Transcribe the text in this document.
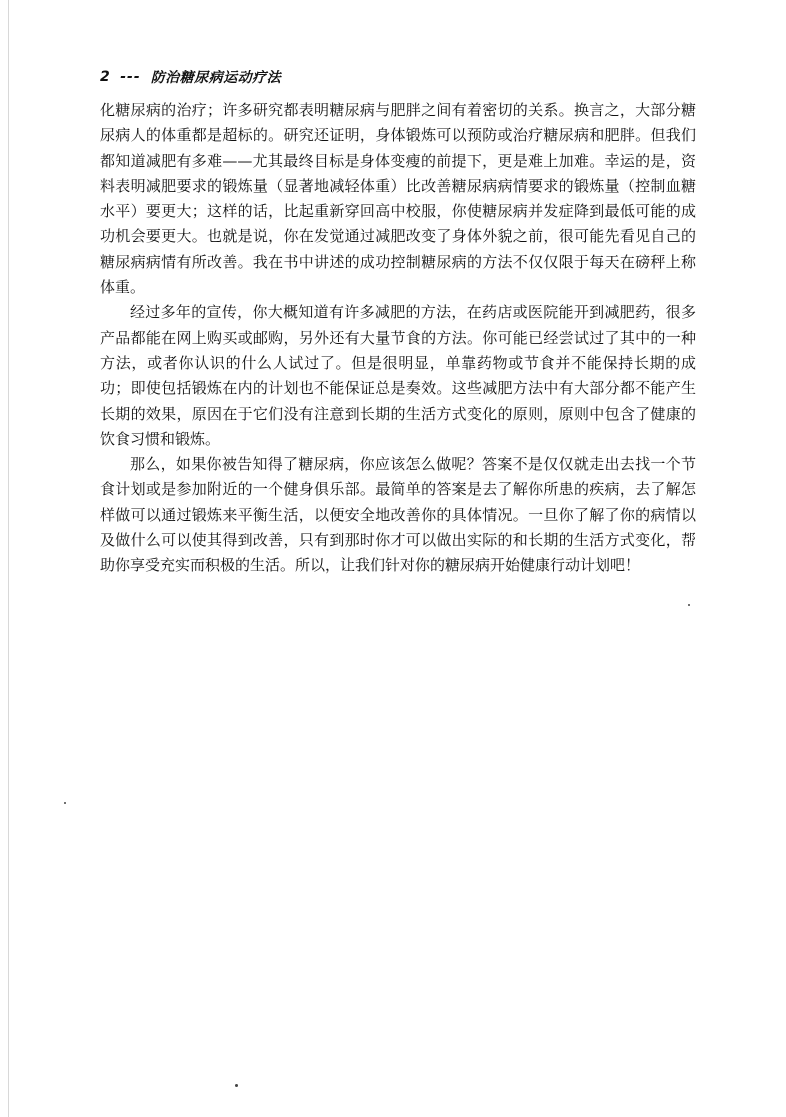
2 --- 防治糖尿病运动疗法

化糖尿病的治疗；许多研究都表明糖尿病与肥胖之间有着密切的关系。换言之，大部分糖尿病人的体重都是超标的。研究还证明，身体锻炼可以预防或治疗糖尿病和肥胖。但我们都知道减肥有多难——尤其最终目标是身体变瘦的前提下，更是难上加难。幸运的是，资料表明减肥要求的锻炼量（显著地减轻体重）比改善糖尿病病情要求的锻炼量（控制血糖水平）要更大；这样的话，比起重新穿回高中校服，你使糖尿病并发症降到最低可能的成功机会要更大。也就是说，你在发觉通过减肥改变了身体外貌之前，很可能先看见自己的糖尿病病情有所改善。我在书中讲述的成功控制糖尿病的方法不仅仅限于每天在磅秤上称体重。

经过多年的宣传，你大概知道有许多减肥的方法，在药店或医院能开到减肥药，很多产品都能在网上购买或邮购，另外还有大量节食的方法。你可能已经尝试过了其中的一种方法，或者你认识的什么人试过了。但是很明显，单靠药物或节食并不能保持长期的成功；即使包括锻炼在内的计划也不能保证总是奏效。这些减肥方法中有大部分都不能产生长期的效果，原因在于它们没有注意到长期的生活方式变化的原则，原则中包含了健康的饮食习惯和锻炼。

那么，如果你被告知得了糖尿病，你应该怎么做呢？答案不是仅仅就走出去找一个节食计划或是参加附近的一个健身俱乐部。最简单的答案是去了解你所患的疾病，去了解怎样做可以通过锻炼来平衡生活，以便安全地改善你的具体情况。一旦你了解了你的病情以及做什么可以使其得到改善，只有到那时你才可以做出实际的和长期的生活方式变化，帮助你享受充实而积极的生活。所以，让我们针对你的糖尿病开始健康行动计划吧！
